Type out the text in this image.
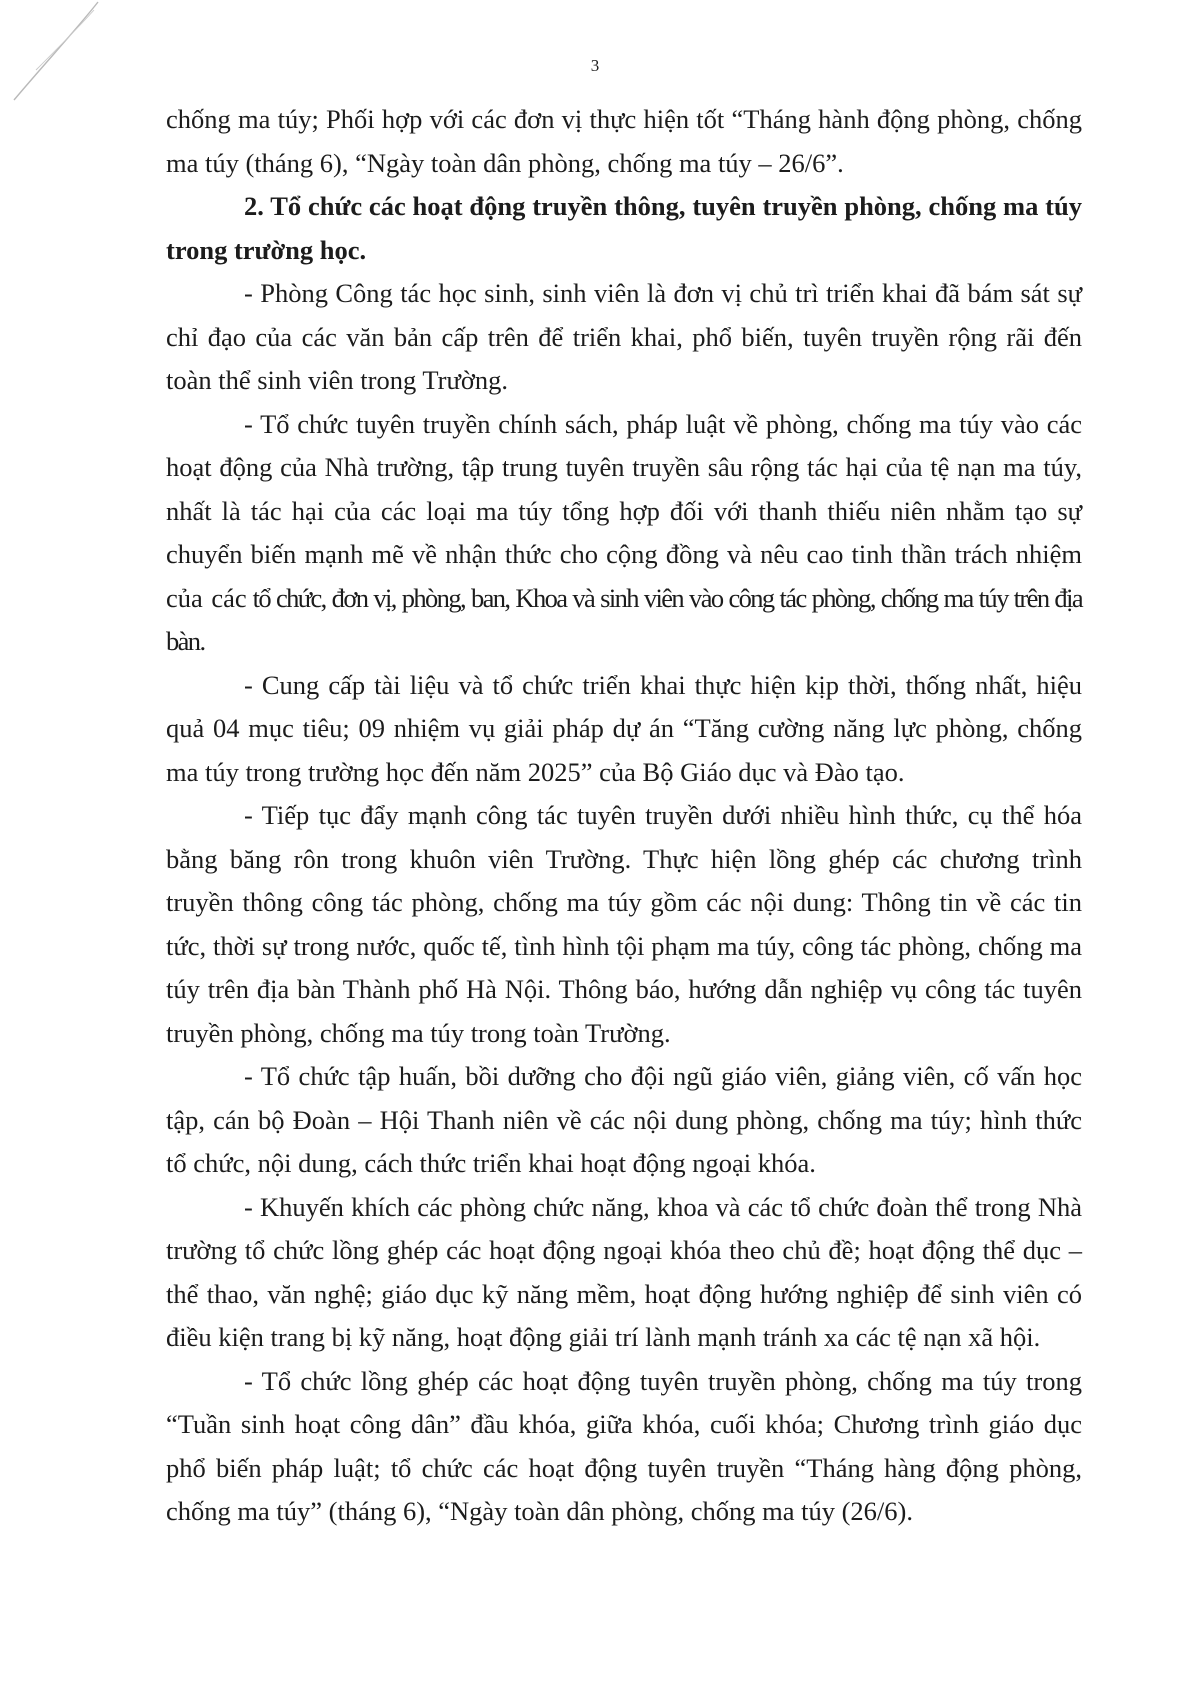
3

chống ma túy; Phối hợp với các đơn vị thực hiện tốt “Tháng hành động phòng, chống ma túy (tháng 6), “Ngày toàn dân phòng, chống ma túy – 26/6”.

2. Tổ chức các hoạt động truyền thông, tuyên truyền phòng, chống ma túy trong trường học.

- Phòng Công tác học sinh, sinh viên là đơn vị chủ trì triển khai đã bám sát sự chỉ đạo của các văn bản cấp trên để triển khai, phổ biến, tuyên truyền rộng rãi đến toàn thể sinh viên trong Trường.

- Tổ chức tuyên truyền chính sách, pháp luật về phòng, chống ma túy vào các hoạt động của Nhà trường, tập trung tuyên truyền sâu rộng tác hại của tệ nạn ma túy, nhất là tác hại của các loại ma túy tổng hợp đối với thanh thiếu niên nhằm tạo sự chuyển biến mạnh mẽ về nhận thức cho cộng đồng và nêu cao tinh thần trách nhiệm của các tổ chức, đơn vị, phòng, ban, Khoa và sinh viên vào công tác phòng, chống ma túy trên địa bàn.

- Cung cấp tài liệu và tổ chức triển khai thực hiện kịp thời, thống nhất, hiệu quả 04 mục tiêu; 09 nhiệm vụ giải pháp dự án “Tăng cường năng lực phòng, chống ma túy trong trường học đến năm 2025” của Bộ Giáo dục và Đào tạo.

- Tiếp tục đẩy mạnh công tác tuyên truyền dưới nhiều hình thức, cụ thể hóa bằng băng rôn trong khuôn viên Trường. Thực hiện lồng ghép các chương trình truyền thông công tác phòng, chống ma túy gồm các nội dung: Thông tin về các tin tức, thời sự trong nước, quốc tế, tình hình tội phạm ma túy, công tác phòng, chống ma túy trên địa bàn Thành phố Hà Nội. Thông báo, hướng dẫn nghiệp vụ công tác tuyên truyền phòng, chống ma túy trong toàn Trường.

- Tổ chức tập huấn, bồi dưỡng cho đội ngũ giáo viên, giảng viên, cố vấn học tập, cán bộ Đoàn – Hội Thanh niên về các nội dung phòng, chống ma túy; hình thức tổ chức, nội dung, cách thức triển khai hoạt động ngoại khóa.

- Khuyến khích các phòng chức năng, khoa và các tổ chức đoàn thể trong Nhà trường tổ chức lồng ghép các hoạt động ngoại khóa theo chủ đề; hoạt động thể dục – thể thao, văn nghệ; giáo dục kỹ năng mềm, hoạt động hướng nghiệp để sinh viên có điều kiện trang bị kỹ năng, hoạt động giải trí lành mạnh tránh xa các tệ nạn xã hội.

- Tổ chức lồng ghép các hoạt động tuyên truyền phòng, chống ma túy trong “Tuần sinh hoạt công dân” đầu khóa, giữa khóa, cuối khóa; Chương trình giáo dục phổ biến pháp luật; tổ chức các hoạt động tuyên truyền “Tháng hàng động phòng, chống ma túy” (tháng 6), “Ngày toàn dân phòng, chống ma túy (26/6).
